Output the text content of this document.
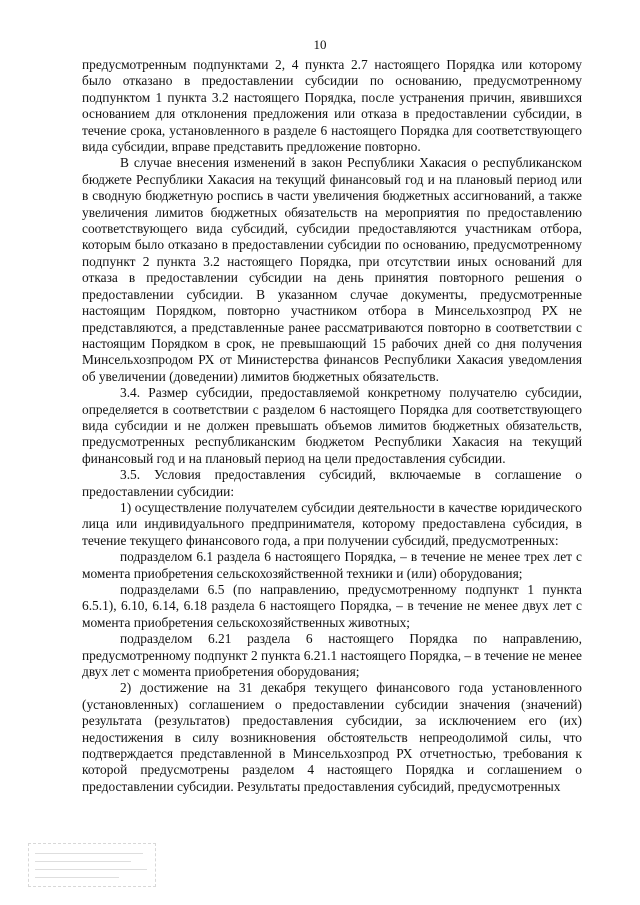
10

предусмотренным подпунктами 2, 4 пункта 2.7 настоящего Порядка или которому было отказано в предоставлении субсидии по основанию, предусмотренному подпунктом 1 пункта 3.2 настоящего Порядка, после устранения причин, явившихся основанием для отклонения предложения или отказа в предоставлении субсидии, в течение срока, установленного в разделе 6 настоящего Порядка для соответствующего вида субсидии, вправе представить предложение повторно.

В случае внесения изменений в закон Республики Хакасия о республиканском бюджете Республики Хакасия на текущий финансовый год и на плановый период или в сводную бюджетную роспись в части увеличения бюджетных ассигнований, а также увеличения лимитов бюджетных обязательств на мероприятия по предоставлению соответствующего вида субсидий, субсидии предоставляются участникам отбора, которым было отказано в предоставлении субсидии по основанию, предусмотренному подпункт 2 пункта 3.2 настоящего Порядка, при отсутствии иных оснований для отказа в предоставлении субсидии на день принятия повторного решения о предоставлении субсидии. В указанном случае документы, предусмотренные настоящим Порядком, повторно участником отбора в Минсельхозпрод РХ не представляются, а представленные ранее рассматриваются повторно в соответствии с настоящим Порядком в срок, не превышающий 15 рабочих дней со дня получения Минсельхозпродом РХ от Министерства финансов Республики Хакасия уведомления об увеличении (доведении) лимитов бюджетных обязательств.

3.4. Размер субсидии, предоставляемой конкретному получателю субсидии, определяется в соответствии с разделом 6 настоящего Порядка для соответствующего вида субсидии и не должен превышать объемов лимитов бюджетных обязательств, предусмотренных республиканским бюджетом Республики Хакасия на текущий финансовый год и на плановый период на цели предоставления субсидии.

3.5. Условия предоставления субсидий, включаемые в соглашение о предоставлении субсидии:

1) осуществление получателем субсидии деятельности в качестве юридического лица или индивидуального предпринимателя, которому предоставлена субсидия, в течение текущего финансового года, а при получении субсидий, предусмотренных:

подразделом 6.1 раздела 6 настоящего Порядка, – в течение не менее трех лет с момента приобретения сельскохозяйственной техники и (или) оборудования;

подразделами 6.5 (по направлению, предусмотренному подпункт 1 пункта 6.5.1), 6.10, 6.14, 6.18 раздела 6 настоящего Порядка, – в течение не менее двух лет с момента приобретения сельскохозяйственных животных;

подразделом 6.21 раздела 6 настоящего Порядка по направлению, предусмотренному подпункт 2 пункта 6.21.1 настоящего Порядка, – в течение не менее двух лет с момента приобретения оборудования;

2) достижение на 31 декабря текущего финансового года установленного (установленных) соглашением о предоставлении субсидии значения (значений) результата (результатов) предоставления субсидии, за исключением его (их) недостижения в силу возникновения обстоятельств непреодолимой силы, что подтверждается представленной в Минсельхозпрод РХ отчетностью, требования к которой предусмотрены разделом 4 настоящего Порядка и соглашением о предоставлении субсидии. Результаты предоставления субсидий, предусмотренных
